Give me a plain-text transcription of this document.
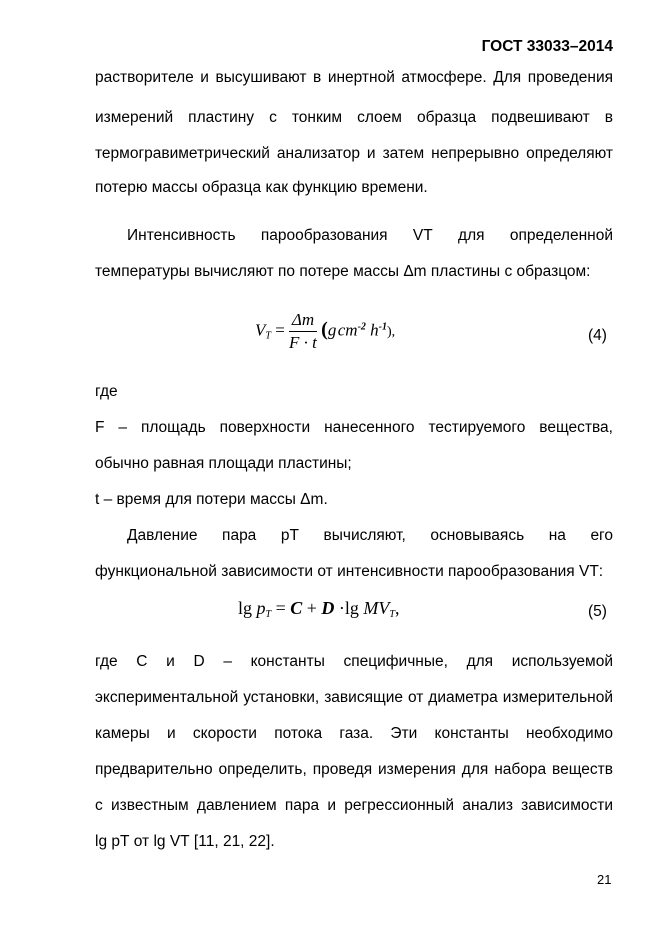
ГОСТ 33033–2014
растворителе и высушивают в инертной атмосфере. Для проведения
измерений пластину с тонким слоем образца подвешивают в
термогравиметрический анализатор и затем непрерывно определяют
потерю массы образца как функцию времени.
Интенсивность парообразования VТ для определенной
температуры вычисляют по потере массы Δm пластины с образцом:
$V_T = \frac{\Delta m}{F \cdot t} (g$ $cm^{-2}$ $h^{-1}$),	(4)
где
F – площадь поверхности нанесенного тестируемого вещества,
обычно равная площади пластины;
t – время для потери массы Δm.
Давление пара pТ вычисляют, основываясь на его
функциональной зависимости от интенсивности парообразования VТ:
$\lg p_T = C + D \cdot\lg$ $MV_T$,	(5)
где C и D – константы специфичные, для используемой
экспериментальной установки, зависящие от диаметра измерительной
камеры и скорости потока газа. Эти константы необходимо
предварительно определить, проведя измерения для набора веществ
с известным давлением пара и регрессионный анализ зависимости
lg pТ от lg VТ [11, 21, 22].
21
